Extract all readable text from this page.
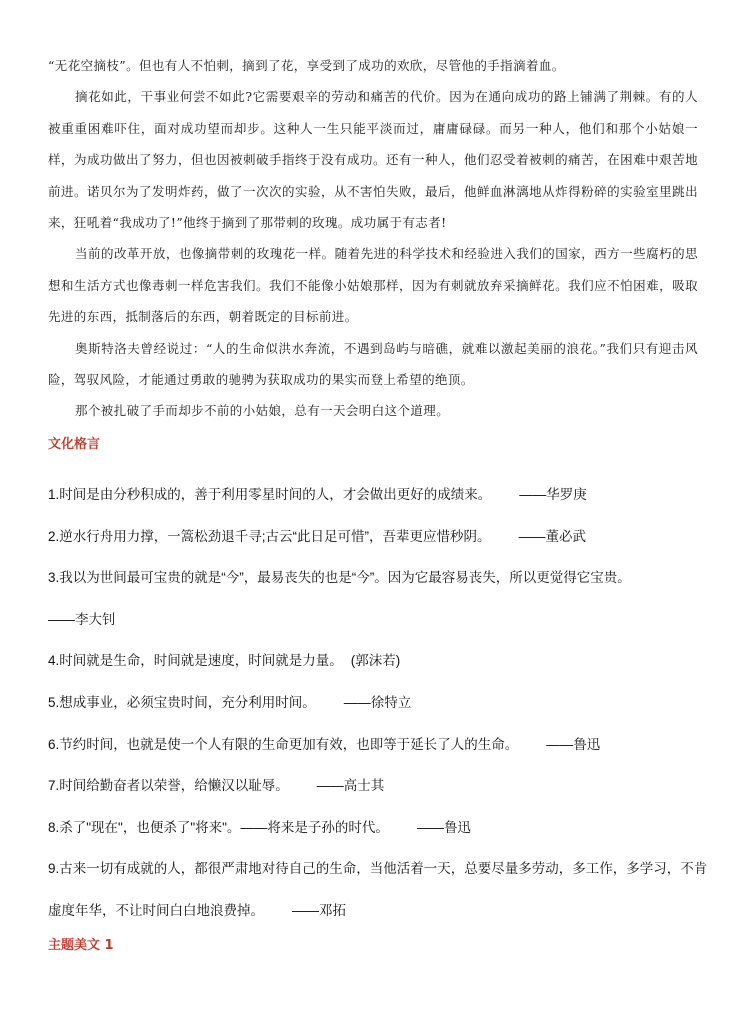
“无花空摘枝”。但也有人不怕刺，摘到了花，享受到了成功的欢欣，尽管他的手指滴着血。

摘花如此，干事业何尝不如此?它需要艰辛的劳动和痛苦的代价。因为在通向成功的路上铺满了荆棘。有的人被重重困难吓住，面对成功望而却步。这种人一生只能平淡而过，庸庸碌碌。而另一种人，他们和那个小姑娘一样，为成功做出了努力，但也因被刺破手指终于没有成功。还有一种人，他们忍受着被刺的痛苦，在困难中艰苦地前进。诺贝尔为了发明炸药，做了一次次的实验，从不害怕失败，最后，他鲜血淋漓地从炸得粉碎的实验室里跳出来，狂吼着“我成功了!”他终于摘到了那带刺的玫瑰。成功属于有志者!

当前的改革开放，也像摘带刺的玫瑰花一样。随着先进的科学技术和经验进入我们的国家，西方一些腐朽的思想和生活方式也像毒刺一样危害我们。我们不能像小姑娘那样，因为有刺就放弃采摘鲜花。我们应不怕困难，吸取先进的东西，抵制落后的东西，朝着既定的目标前进。

奥斯特洛夫曾经说过：“人的生命似洪水奔流，不遇到岛屿与暗礁，就难以激起美丽的浪花。”我们只有迎击风险，驾驭风险，才能通过勇敢的驰骋为获取成功的果实而登上希望的绝顶。

那个被扎破了手而却步不前的小姑娘，总有一天会明白这个道理。

文化格言
1.时间是由分秒积成的，善于利用零星时间的人，才会做出更好的成绩来。 ——华罗庚
2.逆水行舟用力撑，一篙松劲退千寻;古云“此日足可惜”，吾辈更应惜秒阴。 ——董必武
3.我以为世间最可宝贵的就是“今”，最易丧失的也是“今”。因为它最容易丧失，所以更觉得它宝贵。
——李大钊
4.时间就是生命，时间就是速度，时间就是力量。 (郭沫若)
5.想成事业，必须宝贵时间，充分利用时间。 ——徐特立
6.节约时间，也就是使一个人有限的生命更加有效，也即等于延长了人的生命。 ——鲁迅
7.时间给勤奋者以荣誉，给懒汉以耻辱。 ——高士其
8.杀了"现在"，也便杀了"将来"。——将来是子孙的时代。 ——鲁迅
9.古来一切有成就的人，都很严肃地对待自己的生命，当他活着一天，总要尽量多劳动，多工作，多学习，不肯虚度年华，不让时间白白地浪费掉。 ——邓拓
主题美文 1
